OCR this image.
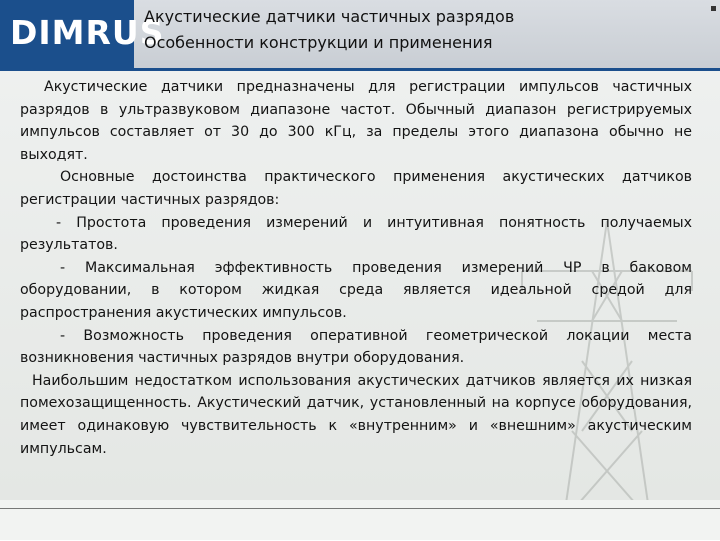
DIMRUS

Акустические датчики частичных разрядов

Особенности конструкции и применения

Акустические датчики предназначены для регистрации импульсов частичных разрядов в ультразвуковом диапазоне частот. Обычный диапазон регистрируемых импульсов составляет от 30 до 300 кГц, за пределы этого диапазона обычно не выходят.

Основные достоинства практического применения акустических датчиков регистрации частичных разрядов:

- Простота проведения измерений и интуитивная понятность получаемых результатов.

- Максимальная эффективность проведения измерений ЧР в баковом оборудовании, в котором жидкая среда является идеальной средой для распространения акустических импульсов.

- Возможность проведения оперативной геометрической локации места возникновения частичных разрядов внутри оборудования.

Наибольшим недостатком использования акустических датчиков является их низкая помехозащищенность. Акустический датчик, установленный на корпусе оборудования, имеет одинаковую чувствительность к «внутренним» и «внешним» акустическим импульсам.
